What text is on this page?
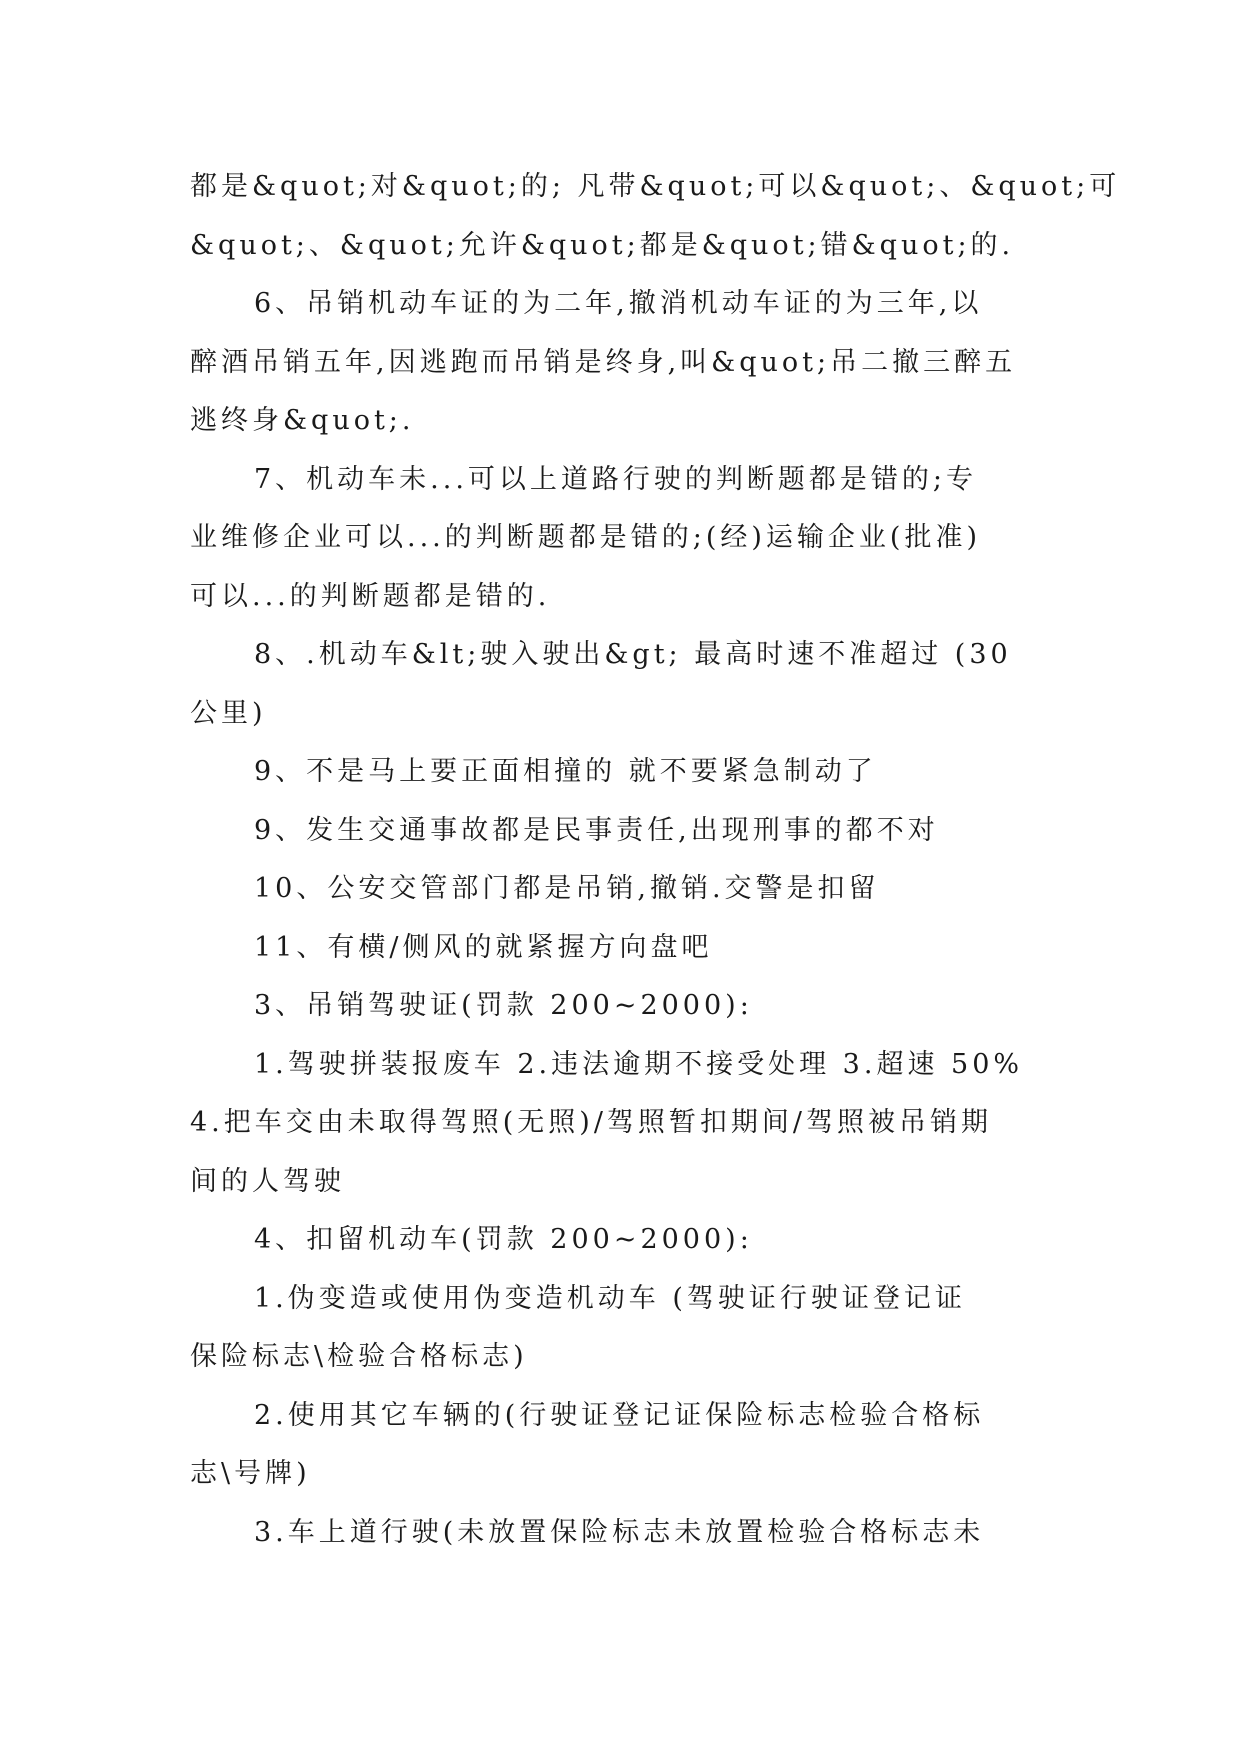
都是&quot;对&quot;的; 凡带&quot;可以&quot;、&quot;可
&quot;、&quot;允许&quot;都是&quot;错&quot;的.
6、吊销机动车证的为二年,撤消机动车证的为三年,以
醉酒吊销五年,因逃跑而吊销是终身,叫&quot;吊二撤三醉五
逃终身&quot;.
7、机动车未...可以上道路行驶的判断题都是错的;专
业维修企业可以...的判断题都是错的;(经)运输企业(批准)
可以...的判断题都是错的.
8、.机动车&lt;驶入驶出&gt; 最高时速不准超过 (30
公里)
9、不是马上要正面相撞的 就不要紧急制动了
9、发生交通事故都是民事责任,出现刑事的都不对
10、公安交管部门都是吊销,撤销.交警是扣留
11、有横/侧风的就紧握方向盘吧
3、吊销驾驶证(罚款 200~2000):
1.驾驶拼装报废车 2.违法逾期不接受处理 3.超速 50%
4.把车交由未取得驾照(无照)/驾照暂扣期间/驾照被吊销期
间的人驾驶
4、扣留机动车(罚款 200~2000):
1.伪变造或使用伪变造机动车 (驾驶证行驶证登记证
保险标志\检验合格标志)
2.使用其它车辆的(行驶证登记证保险标志检验合格标
志\号牌)
3.车上道行驶(未放置保险标志未放置检验合格标志未
